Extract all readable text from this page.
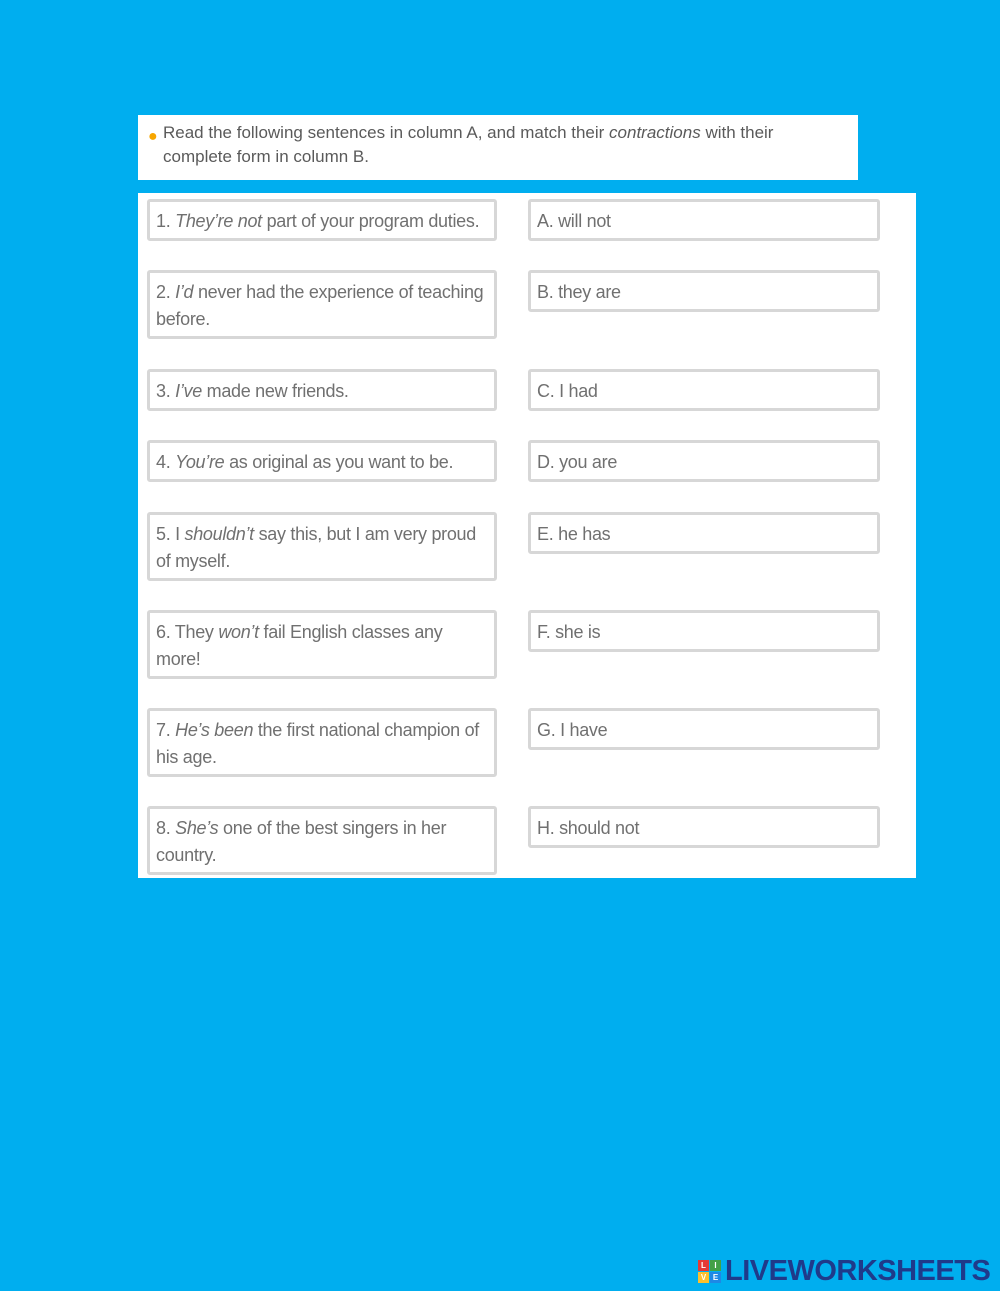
● Read the following sentences in column A, and match their contractions with their complete form in column B.
1. They’re not part of your program duties.
2. I’d never had the experience of teaching before.
3. I’ve made new friends.
4. You’re as original as you want to be.
5. I shouldn’t say this, but I am very proud of myself.
6. They won’t fail English classes any more!
7. He’s been the first national champion of his age.
8. She’s one of the best singers in her country.
A. will not
B. they are
C. I had
D. you are
E. he has
F. she is
G. I have
H. should not
L	I
V E LIVEWORKSHEETS
